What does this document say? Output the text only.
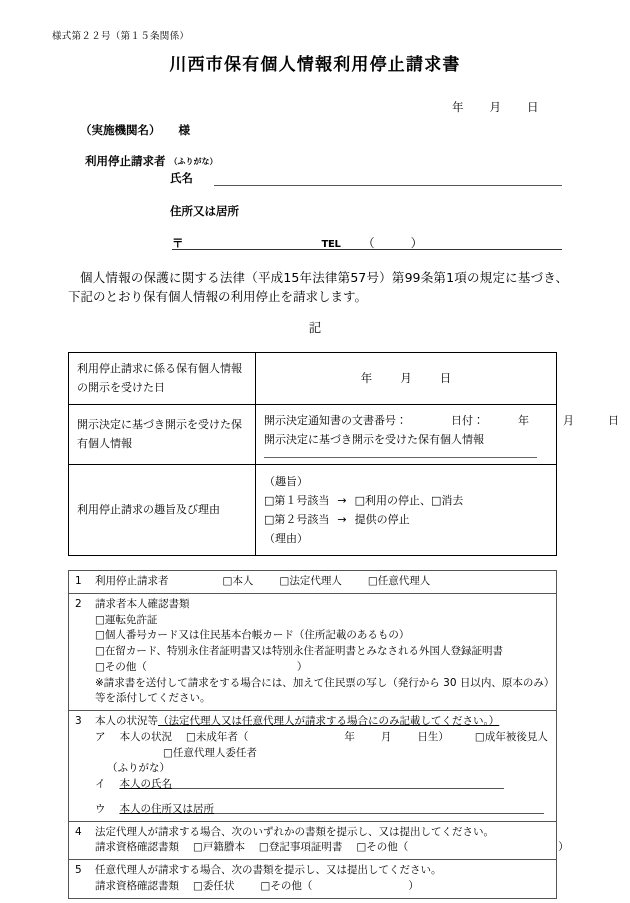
様式第２２号（第１５条関係）
川西市保有個人情報利用停止請求書
年 月 日
（実施機関名） 様
利用停止請求者 （ふりがな）
氏名
住所又は居所
〒	TEL （	）
個人情報の保護に関する法律（平成15年法律第57号）第99条第1項の規定に基づき、下記のとおり保有個人情報の利用停止を請求します。
記
利用停止請求に係る保有個人情報の開示を受けた日	年 月 日
開示決定に基づき開示を受けた保有個人情報	開示決定通知書の文書番号： 日付： 年 月 日
開示決定に基づき開示を受けた保有個人情報

利用停止請求の趣旨及び理由	（趣旨）
□第１号該当 → □利用の停止、□消去
□第２号該当 → 提供の停止
（理由）
1 利用停止請求者	□本人 □法定代理人 □任意代理人

2 請求者本人確認書類
□運転免許証
□個人番号カード又は住民基本台帳カード（住所記載のあるもの）
□在留カード、特別永住者証明書又は特別永住者証明書とみなされる外国人登録証明書
□その他（	）
※請求書を送付して請求をする場合には、加えて住民票の写し（発行から 30 日以内、原本のみ）等を添付してください。

3 本人の状況等（法定代理人又は任意代理人が請求する場合にのみ記載してください。）
ア 本人の状況 □未成年者（	年 月 日生） □成年被後見人
□任意代理人委任者
（ふりがな）
イ 本人の氏名
ウ 本人の住所又は居所

4 法定代理人が請求する場合、次のいずれかの書類を提示し、又は提出してください。
請求資格確認書類 □戸籍謄本 □登記事項証明書 □その他（	）

5 任意代理人が請求する場合、次の書類を提示し、又は提出してください。
請求資格確認書類 □委任状 □その他（	）
